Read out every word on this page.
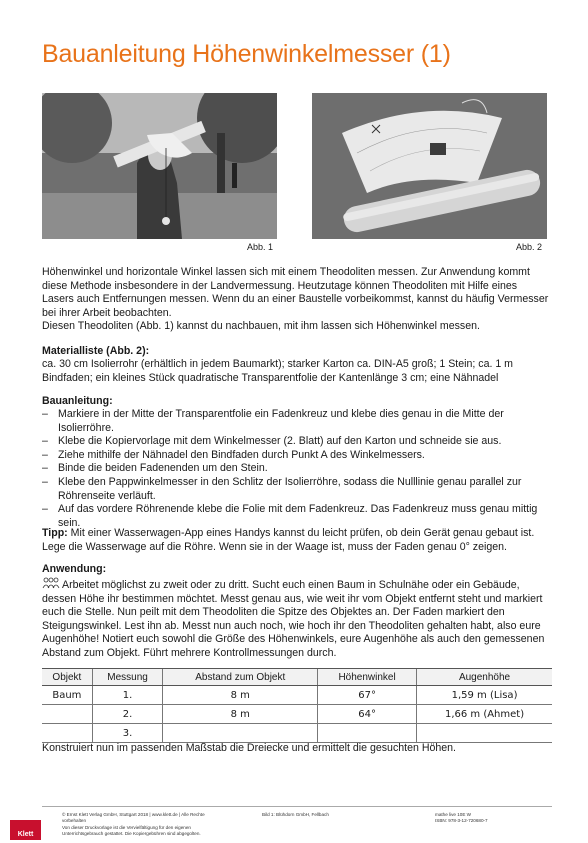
Bauanleitung Höhenwinkelmesser (1)
Abb. 1	Abb. 2
Höhenwinkel und horizontale Winkel lassen sich mit einem Theodoliten messen. Zur Anwendung kommt diese Methode insbesondere in der Landvermessung. Heutzutage können Theodoliten mit Hilfe eines Lasers auch Entfernungen messen. Wenn du an einer Baustelle vorbeikommst, kannst du häufig Vermesser bei ihrer Arbeit beobachten.
Diesen Theodoliten (Abb. 1) kannst du nachbauen, mit ihm lassen sich Höhenwinkel messen.
Materialliste (Abb. 2):
ca. 30 cm Isolierrohr (erhältlich in jedem Baumarkt); starker Karton ca. DIN-A5 groß; 1 Stein; ca. 1 m Bindfaden; ein kleines Stück quadratische Transparentfolie der Kantenlänge 3 cm; eine Nähnadel
Bauanleitung:
– Markiere in der Mitte der Transparentfolie ein Fadenkreuz und klebe dies genau in die Mitte der Isolierröhre.
– Klebe die Kopiervorlage mit dem Winkelmesser (2. Blatt) auf den Karton und schneide sie aus.
– Ziehe mithilfe der Nähnadel den Bindfaden durch Punkt A des Winkelmessers.
– Binde die beiden Fadenenden um den Stein.
– Klebe den Pappwinkelmesser in den Schlitz der Isolierröhre, sodass die Nulllinie genau parallel zur Röhrenseite verläuft.
– Auf das vordere Röhrenende klebe die Folie mit dem Fadenkreuz. Das Fadenkreuz muss genau mittig sein.
Tipp: Mit einer Wasserwagen-App eines Handys kannst du leicht prüfen, ob dein Gerät genau gebaut ist. Lege die Wasserwage auf die Röhre. Wenn sie in der Waage ist, muss der Faden genau 0° zeigen.
Anwendung:
Arbeitet möglichst zu zweit oder zu dritt. Sucht euch einen Baum in Schulnähe oder ein Gebäude, dessen Höhe ihr bestimmen möchtet. Messt genau aus, wie weit ihr vom Objekt entfernt steht und markiert euch die Stelle. Nun peilt mit dem Theodoliten die Spitze des Objektes an. Der Faden markiert den Steigungswinkel. Lest ihn ab. Messt nun auch noch, wie hoch ihr den Theodoliten gehalten habt, also eure Augenhöhe! Notiert euch sowohl die Größe des Höhenwinkels, eure Augenhöhe als auch den gemessenen Abstand zum Objekt. Führt mehrere Kontrollmessungen durch.
Objekt	Messung	Abstand zum Objekt	Höhenwinkel	Augenhöhe
Baum	1.	8 m	67°	1,59 m (Lisa)
	2.	8 m	64°	1,66 m (Ahmet)
	3.			
Konstruiert nun im passenden Maßstab die Dreiecke und ermittelt die gesuchten Höhen.
Klett
© Ernst Klett Verlag GmbH, Stuttgart 2018 | www.klett.de | Alle Rechte vorbehalten
Von dieser Druckvorlage ist die Vervielfältigung für den eigenen
Unterrichtsgebrauch gestattet. Die Kopiergebühren sind abgegolten.
Bild 1: Blühdorn GmbH, Fellbach	mathe live 10E W
ISBN: 978-3-12-720680-7
